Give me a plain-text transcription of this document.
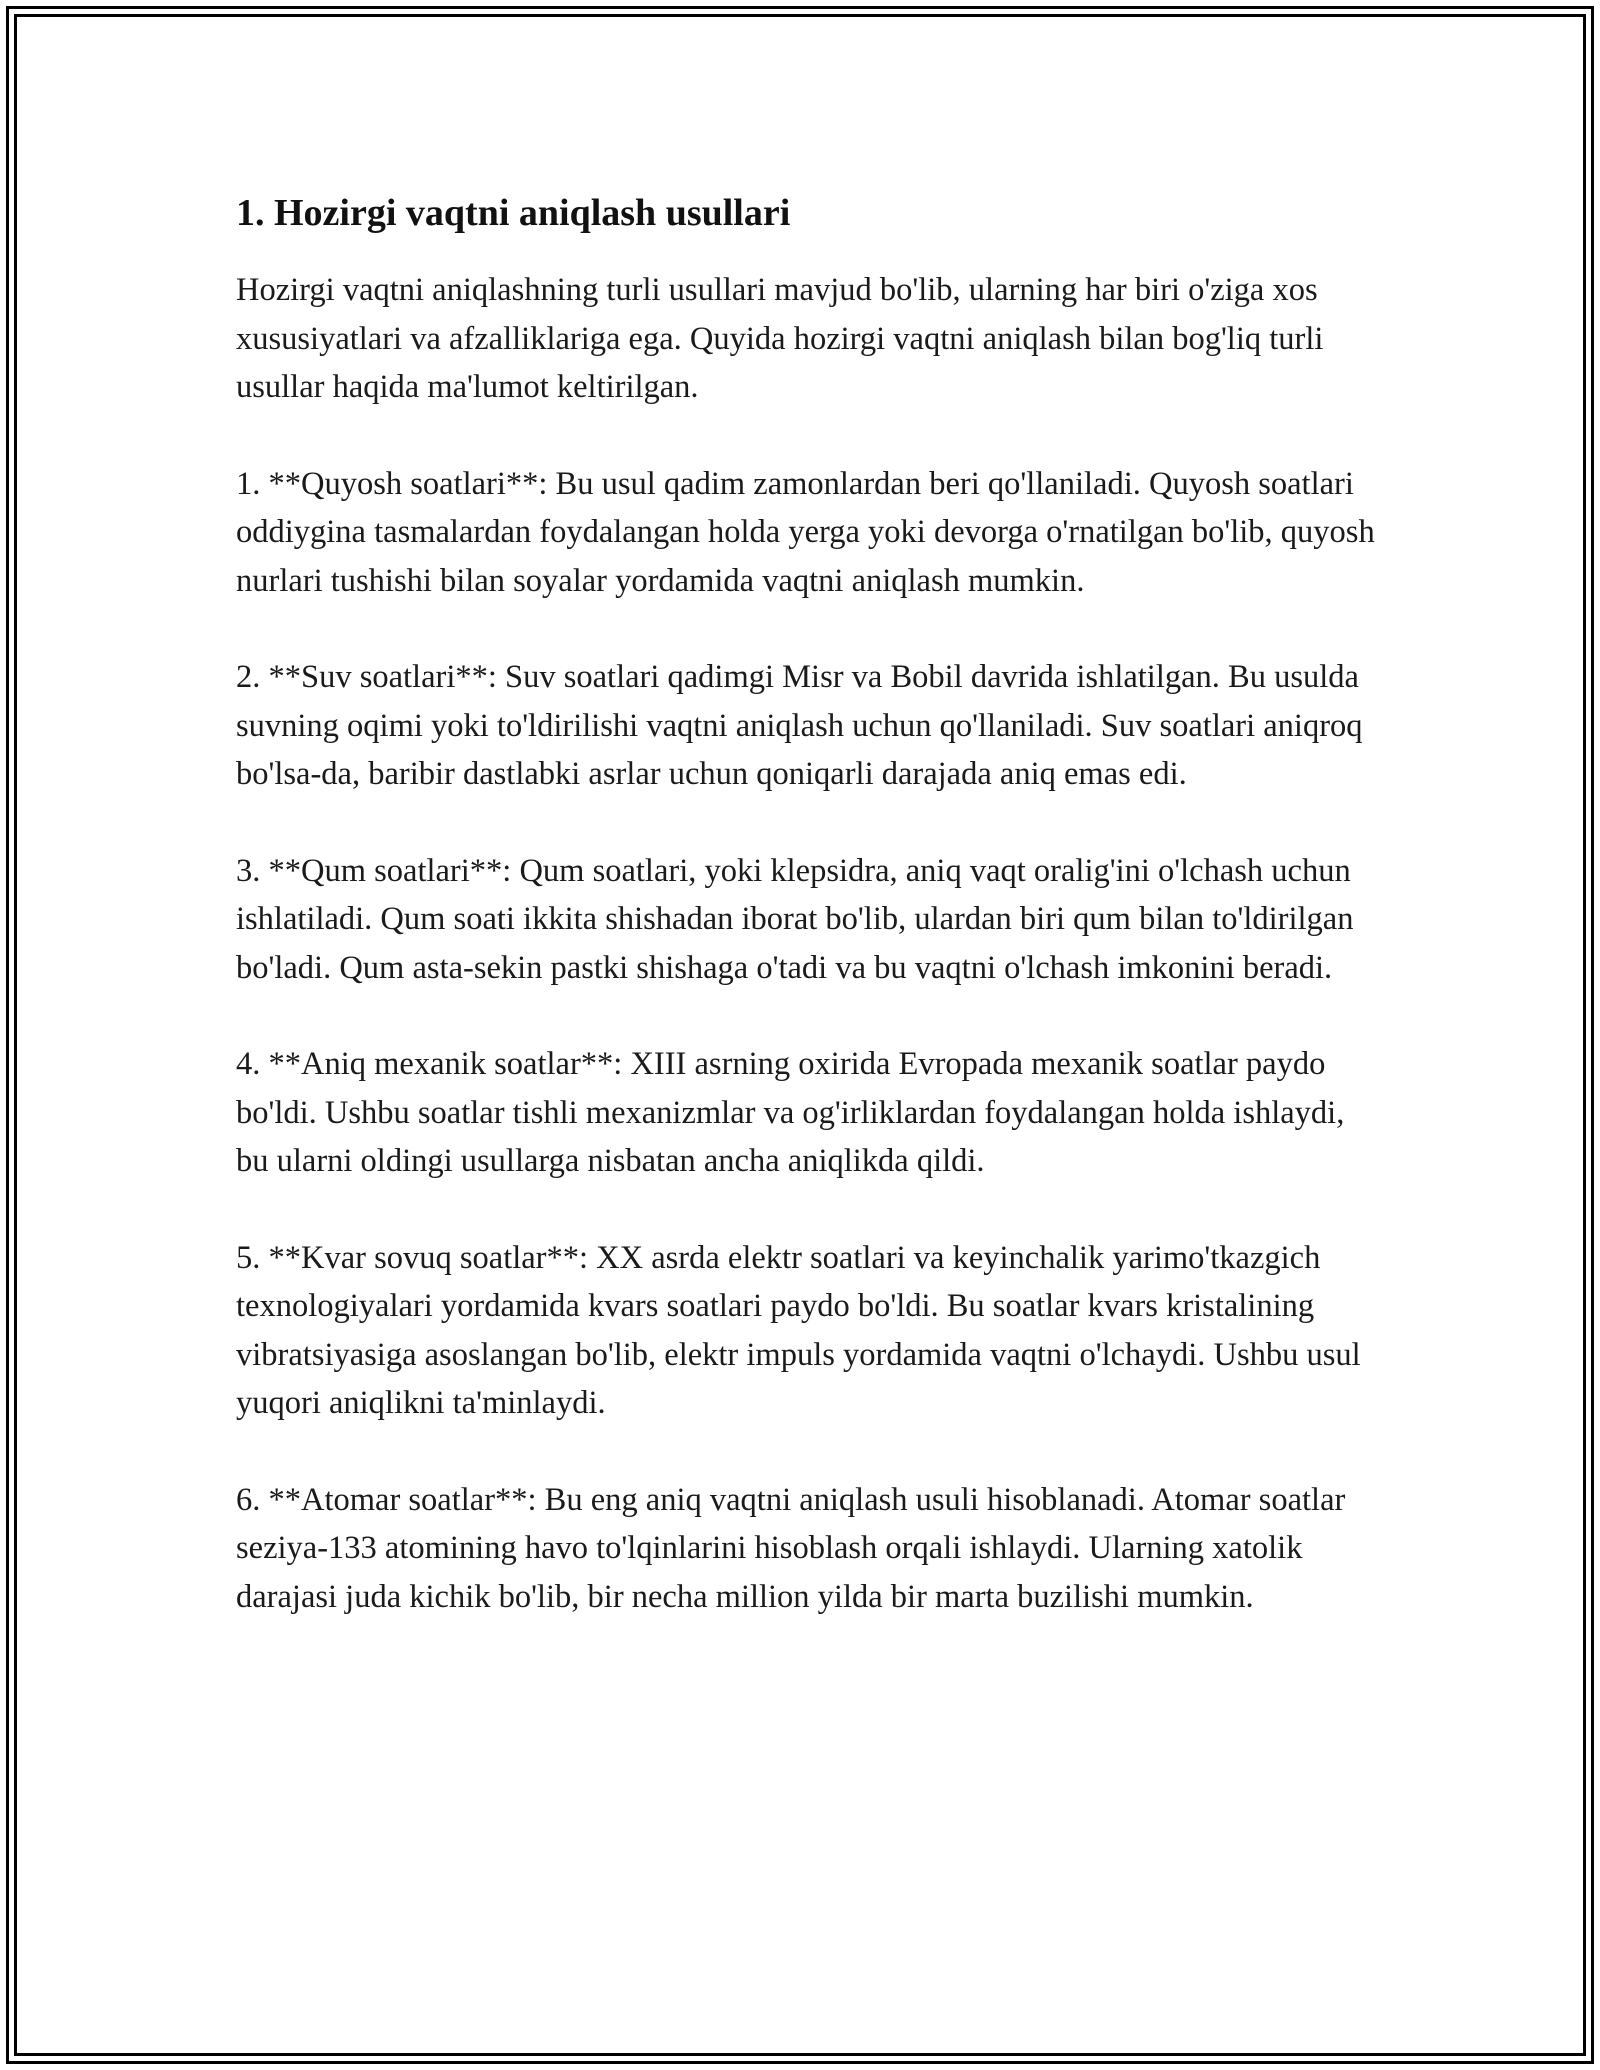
1. Hozirgi vaqtni aniqlash usullari

Hozirgi vaqtni aniqlashning turli usullari mavjud bo'lib, ularning har biri o'ziga xos xususiyatlari va afzalliklariga ega. Quyida hozirgi vaqtni aniqlash bilan bog'liq turli usullar haqida ma'lumot keltirilgan.

1. **Quyosh soatlari**: Bu usul qadim zamonlardan beri qo'llaniladi. Quyosh soatlari oddiygina tasmalardan foydalangan holda yerga yoki devorga o'rnatilgan bo'lib, quyosh nurlari tushishi bilan soyalar yordamida vaqtni aniqlash mumkin.

2. **Suv soatlari**: Suv soatlari qadimgi Misr va Bobil davrida ishlatilgan. Bu usulda suvning oqimi yoki to'ldirilishi vaqtni aniqlash uchun qo'llaniladi. Suv soatlari aniqroq bo'lsa-da, baribir dastlabki asrlar uchun qoniqarli darajada aniq emas edi.

3. **Qum soatlari**: Qum soatlari, yoki klepsidra, aniq vaqt oralig'ini o'lchash uchun ishlatiladi. Qum soati ikkita shishadan iborat bo'lib, ulardan biri qum bilan to'ldirilgan bo'ladi. Qum asta-sekin pastki shishaga o'tadi va bu vaqtni o'lchash imkonini beradi.

4. **Aniq mexanik soatlar**: XIII asrning oxirida Evropada mexanik soatlar paydo bo'ldi. Ushbu soatlar tishli mexanizmlar va og'irliklardan foydalangan holda ishlaydi, bu ularni oldingi usullarga nisbatan ancha aniqlikda qildi.

5. **Kvar sovuq soatlar**: XX asrda elektr soatlari va keyinchalik yarimo'tkazgich texnologiyalari yordamida kvars soatlari paydo bo'ldi. Bu soatlar kvars kristalining vibratsiyasiga asoslangan bo'lib, elektr impuls yordamida vaqtni o'lchaydi. Ushbu usul yuqori aniqlikni ta'minlaydi.

6. **Atomar soatlar**: Bu eng aniq vaqtni aniqlash usuli hisoblanadi. Atomar soatlar seziya-133 atomining havo to'lqinlarini hisoblash orqali ishlaydi. Ularning xatolik darajasi juda kichik bo'lib, bir necha million yilda bir marta buzilishi mumkin.
